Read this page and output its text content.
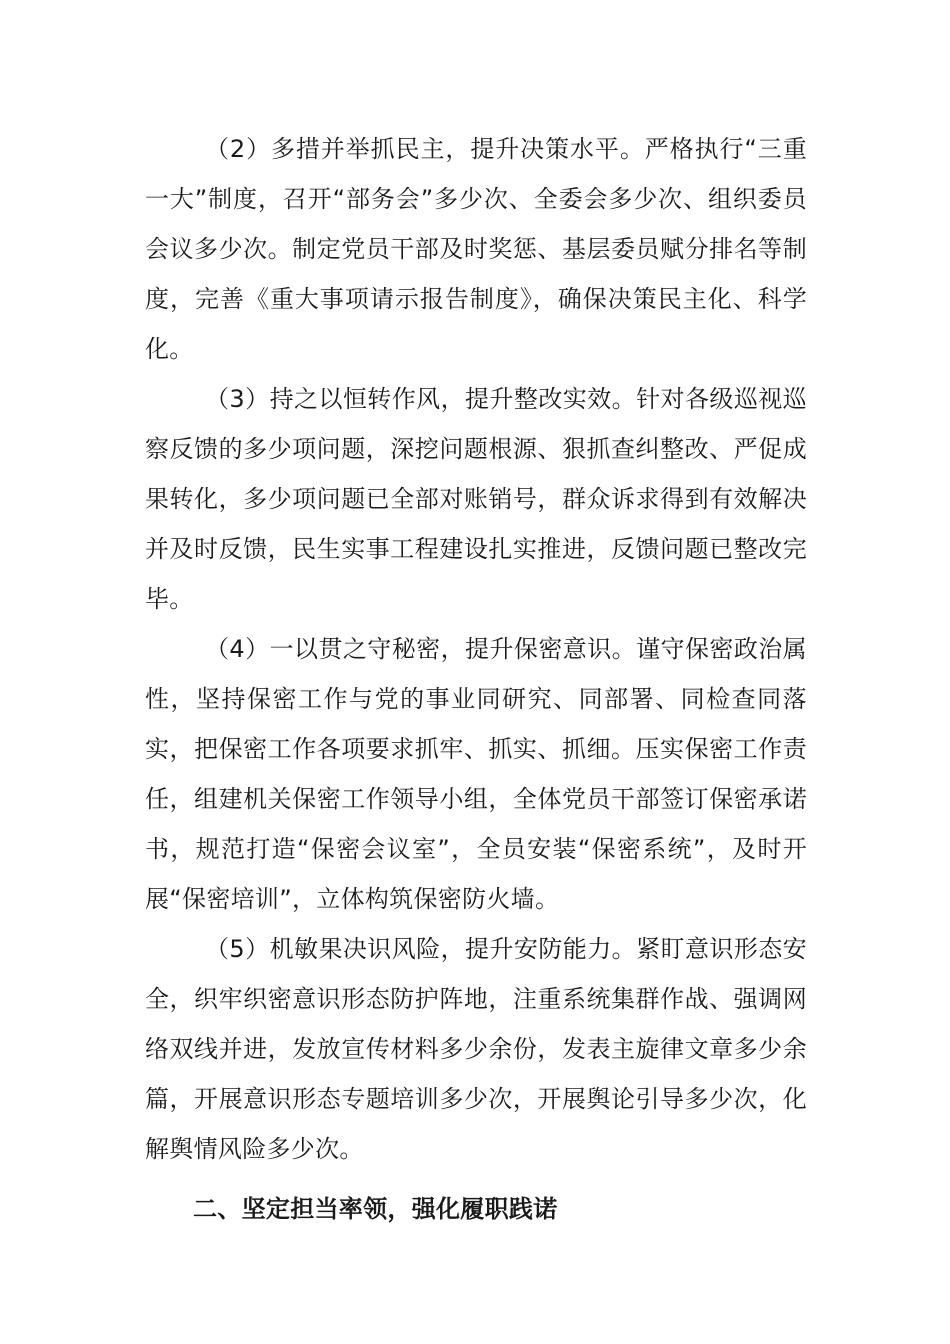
（2）多措并举抓民主，提升决策水平。严格执行“三重一大”制度，召开“部务会”多少次、全委会多少次、组织委员会议多少次。制定党员干部及时奖惩、基层委员赋分排名等制度，完善《重大事项请示报告制度》，确保决策民主化、科学化。

（3）持之以恒转作风，提升整改实效。针对各级巡视巡察反馈的多少项问题，深挖问题根源、狠抓查纠整改、严促成果转化，多少项问题已全部对账销号，群众诉求得到有效解决并及时反馈，民生实事工程建设扎实推进，反馈问题已整改完毕。

（4）一以贯之守秘密，提升保密意识。谨守保密政治属性，坚持保密工作与党的事业同研究、同部署、同检查同落实，把保密工作各项要求抓牢、抓实、抓细。压实保密工作责任，组建机关保密工作领导小组，全体党员干部签订保密承诺书，规范打造“保密会议室”，全员安装“保密系统”，及时开展“保密培训”，立体构筑保密防火墙。

（5）机敏果决识风险，提升安防能力。紧盯意识形态安全，织牢织密意识形态防护阵地，注重系统集群作战、强调网络双线并进，发放宣传材料多少余份，发表主旋律文章多少余篇，开展意识形态专题培训多少次，开展舆论引导多少次，化解舆情风险多少次。

二、坚定担当率领，强化履职践诺
